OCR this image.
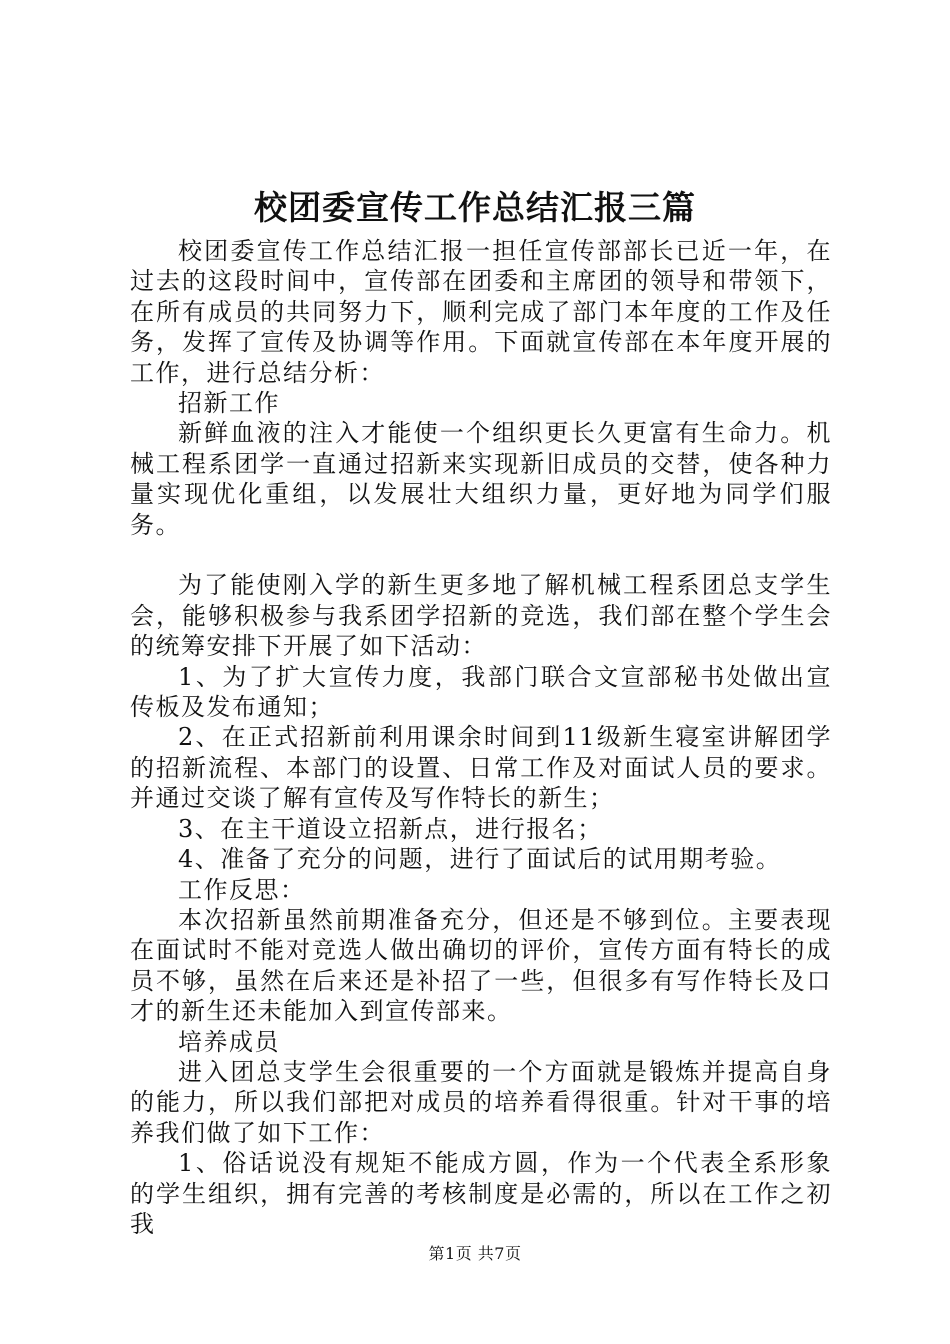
校团委宣传工作总结汇报三篇

校团委宣传工作总结汇报一担任宣传部部长已近一年，在过去的这段时间中，宣传部在团委和主席团的领导和带领下，在所有成员的共同努力下，顺利完成了部门本年度的工作及任务，发挥了宣传及协调等作用。下面就宣传部在本年度开展的工作，进行总结分析：

招新工作

新鲜血液的注入才能使一个组织更长久更富有生命力。机械工程系团学一直通过招新来实现新旧成员的交替，使各种力量实现优化重组，以发展壮大组织力量，更好地为同学们服务。

为了能使刚入学的新生更多地了解机械工程系团总支学生会，能够积极参与我系团学招新的竞选，我们部在整个学生会的统筹安排下开展了如下活动：

1、为了扩大宣传力度，我部门联合文宣部秘书处做出宣传板及发布通知；

2、在正式招新前利用课余时间到11级新生寝室讲解团学的招新流程、本部门的设置、日常工作及对面试人员的要求。并通过交谈了解有宣传及写作特长的新生；

3、在主干道设立招新点，进行报名；

4、准备了充分的问题，进行了面试后的试用期考验。

工作反思：

本次招新虽然前期准备充分，但还是不够到位。主要表现在面试时不能对竞选人做出确切的评价，宣传方面有特长的成员不够，虽然在后来还是补招了一些，但很多有写作特长及口才的新生还未能加入到宣传部来。

培养成员

进入团总支学生会很重要的一个方面就是锻炼并提高自身的能力，所以我们部把对成员的培养看得很重。针对干事的培养我们做了如下工作：

1、俗话说没有规矩不能成方圆，作为一个代表全系形象的学生组织，拥有完善的考核制度是必需的，所以在工作之初我

第1页 共7页
